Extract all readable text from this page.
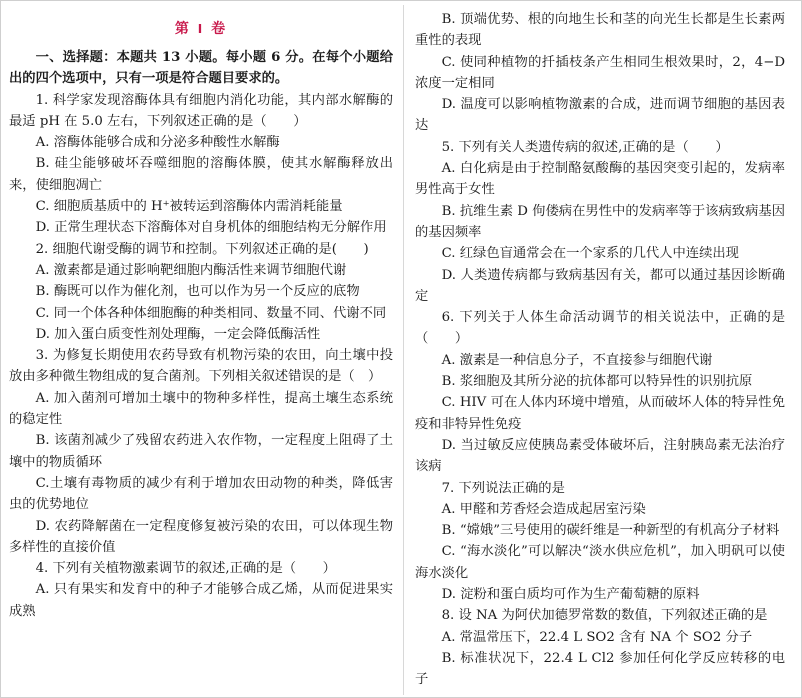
第 Ⅰ 卷

一、选择题：本题共 13 小题。每小题 6 分。在每个小题给出的四个选项中，只有一项是符合题目要求的。

1. 科学家发现溶酶体具有细胞内消化功能，其内部水解酶的最适 pH 在 5.0 左右，下列叙述正确的是（　　）

A. 溶酶体能够合成和分泌多种酸性水解酶

B. 硅尘能够破坏吞噬细胞的溶酶体膜，使其水解酶释放出来，使细胞凋亡

C. 细胞质基质中的 H⁺被转运到溶酶体内需消耗能量

D. 正常生理状态下溶酶体对自身机体的细胞结构无分解作用

2. 细胞代谢受酶的调节和控制。下列叙述正确的是(　　)

A. 激素都是通过影响靶细胞内酶活性来调节细胞代谢

B. 酶既可以作为催化剂，也可以作为另一个反应的底物

C. 同一个体各种体细胞酶的种类相同、数量不同、代谢不同

D. 加入蛋白质变性剂处理酶，一定会降低酶活性

3. 为修复长期使用农药导致有机物污染的农田，向土壤中投放由多种微生物组成的复合菌剂。下列相关叙述错误的是（　）

A. 加入菌剂可增加土壤中的物种多样性，提高土壤生态系统的稳定性

B. 该菌剂减少了残留农药进入农作物，一定程度上阻碍了土壤中的物质循环

C.土壤有毒物质的减少有利于增加农田动物的种类，降低害虫的优势地位

D. 农药降解菌在一定程度修复被污染的农田，可以体现生物多样性的直接价值

4. 下列有关植物激素调节的叙述,正确的是（　　）

A. 只有果实和发育中的种子才能够合成乙烯，从而促进果实成熟

B. 顶端优势、根的向地生长和茎的向光生长都是生长素两重性的表现

C. 使同种植物的扦插枝条产生相同生根效果时，2，4−D浓度一定相同

D. 温度可以影响植物激素的合成，进而调节细胞的基因表达

5. 下列有关人类遗传病的叙述,正确的是（　　）

A. 白化病是由于控制酪氨酸酶的基因突变引起的，发病率男性高于女性

B. 抗维生素 D 佝偻病在男性中的发病率等于该病致病基因的基因频率

C. 红绿色盲通常会在一个家系的几代人中连续出现

D. 人类遗传病都与致病基因有关，都可以通过基因诊断确定

6. 下列关于人体生命活动调节的相关说法中，正确的是（　　）

A. 激素是一种信息分子，不直接参与细胞代谢

B. 浆细胞及其所分泌的抗体都可以特异性的识别抗原

C. HIV 可在人体内环境中增殖，从而破坏人体的特异性免疫和非特异性免疫

D. 当过敏反应使胰岛素受体破坏后，注射胰岛素无法治疗该病

7. 下列说法正确的是

A. 甲醛和芳香烃会造成起居室污染

B. “嫦娥”三号使用的碳纤维是一种新型的有机高分子材料

C. “海水淡化”可以解决“淡水供应危机”，加入明矾可以使海水淡化

D. 淀粉和蛋白质均可作为生产葡萄糖的原料

8. 设 NA 为阿伏加德罗常数的数值，下列叙述正确的是

A. 常温常压下，22.4 L SO2 含有 NA 个 SO2 分子

B. 标准状况下，22.4 L Cl2 参加任何化学反应转移的电子
